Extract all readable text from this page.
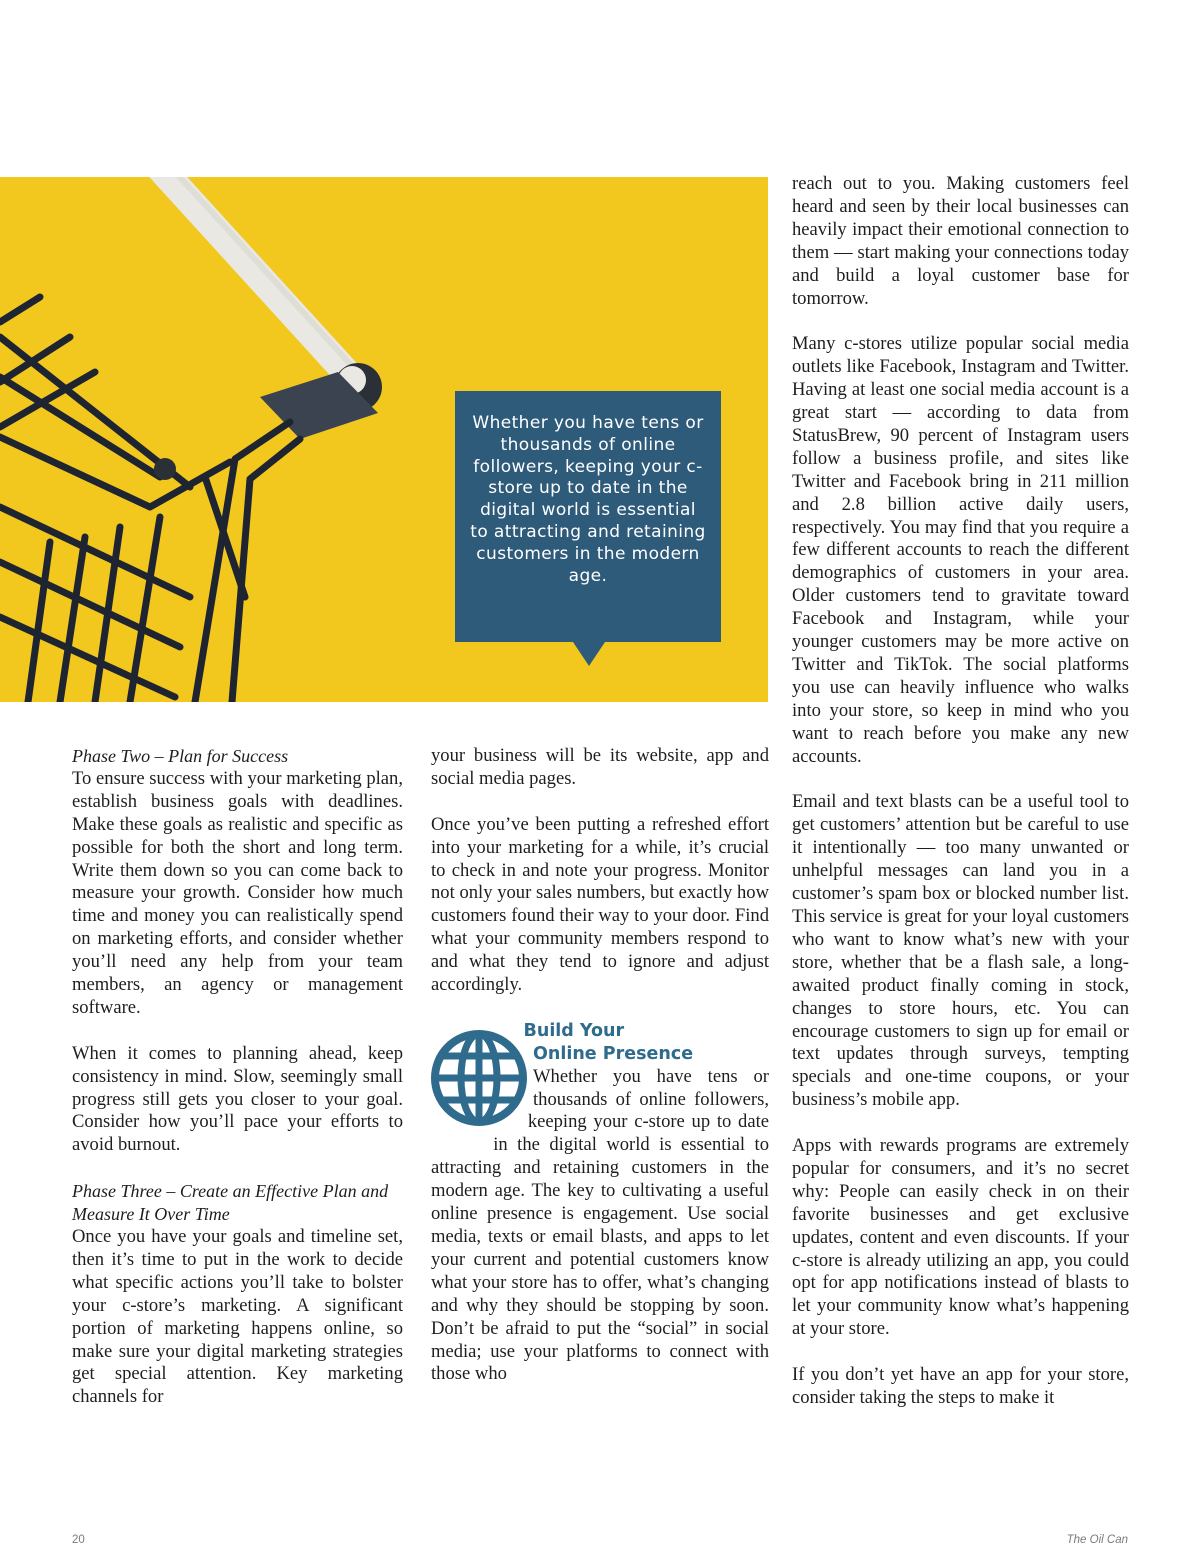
Whether you have tens or thousands of online followers, keeping your c-store up to date in the digital world is essential to attracting and retaining customers in the modern age.
Phase Two – Plan for Success

To ensure success with your marketing plan, establish business goals with deadlines. Make these goals as realistic and specific as possible for both the short and long term. Write them down so you can come back to measure your growth. Consider how much time and money you can realistically spend on marketing efforts, and consider whether you’ll need any help from your team members, an agency or management software.

When it comes to planning ahead, keep consistency in mind. Slow, seemingly small progress still gets you closer to your goal. Consider how you’ll pace your efforts to avoid burnout.

Phase Three – Create an Effective Plan and Measure It Over Time

Once you have your goals and timeline set, then it’s time to put in the work to decide what specific actions you’ll take to bolster your c-store’s marketing. A significant portion of marketing happens online, so make sure your digital marketing strategies get special attention. Key marketing channels for

your business will be its website, app and social media pages.

Once you’ve been putting a refreshed effort into your marketing for a while, it’s crucial to check in and note your progress. Monitor not only your sales numbers, but exactly how customers found their way to your door. Find what your community members respond to and what they tend to ignore and adjust accordingly.

Build Your
Online Presence

Whether you have tens or thousands of online followers, keeping your c-store up to date in the digital world is essential to attracting and retaining customers in the modern age. The key to cultivating a useful online presence is engagement. Use social media, texts or email blasts, and apps to let your current and potential customers know what your store has to offer, what’s changing and why they should be stopping by soon. Don’t be afraid to put the “social” in social media; use your platforms to connect with those who

reach out to you. Making customers feel heard and seen by their local businesses can heavily impact their emotional connection to them — start making your connections today and build a loyal customer base for tomorrow.

Many c-stores utilize popular social media outlets like Facebook, Instagram and Twitter. Having at least one social media account is a great start — according to data from StatusBrew, 90 percent of Instagram users follow a business profile, and sites like Twitter and Facebook bring in 211 million and 2.8 billion active daily users, respectively. You may find that you require a few different accounts to reach the different demographics of customers in your area. Older customers tend to gravitate toward Facebook and Instagram, while your younger customers may be more active on Twitter and TikTok. The social platforms you use can heavily influence who walks into your store, so keep in mind who you want to reach before you make any new accounts.

Email and text blasts can be a useful tool to get customers’ attention but be careful to use it intentionally — too many unwanted or unhelpful messages can land you in a customer’s spam box or blocked number list. This service is great for your loyal customers who want to know what’s new with your store, whether that be a flash sale, a long-awaited product finally coming in stock, changes to store hours, etc. You can encourage customers to sign up for email or text updates through surveys, tempting specials and one-time coupons, or your business’s mobile app.

Apps with rewards programs are extremely popular for consumers, and it’s no secret why: People can easily check in on their favorite businesses and get exclusive updates, content and even discounts. If your c-store is already utilizing an app, you could opt for app notifications instead of blasts to let your community know what’s happening at your store.

If you don’t yet have an app for your store, consider taking the steps to make it

20	The Oil Can
